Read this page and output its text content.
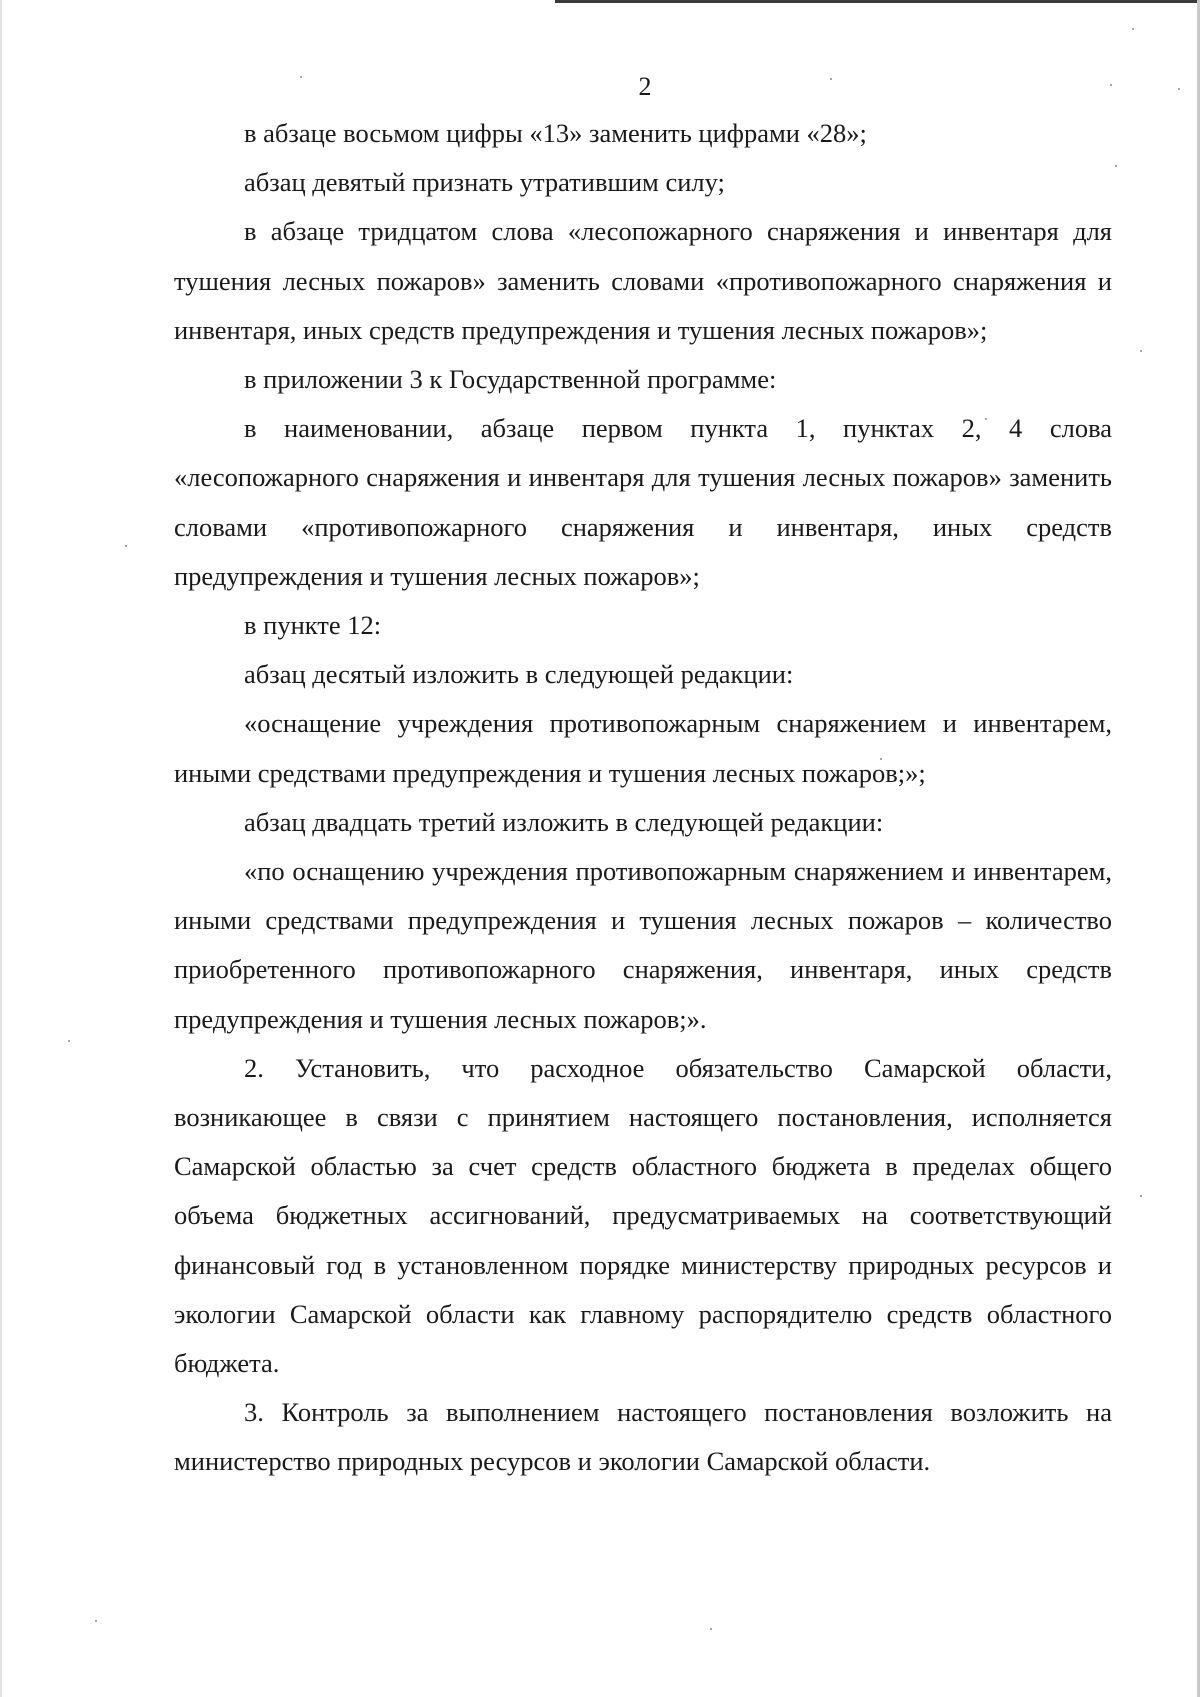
2

в абзаце восьмом цифры «13» заменить цифрами «28»;

абзац девятый признать утратившим силу;

в абзаце тридцатом слова «лесопожарного снаряжения и инвентаря для тушения лесных пожаров» заменить словами «противопожарного снаряжения и инвентаря, иных средств предупреждения и тушения лесных пожаров»;

в приложении 3 к Государственной программе:

в наименовании, абзаце первом пункта 1, пунктах 2, 4 слова «лесопожарного снаряжения и инвентаря для тушения лесных пожаров» заменить словами «противопожарного снаряжения и инвентаря, иных средств предупреждения и тушения лесных пожаров»;

в пункте 12:

абзац десятый изложить в следующей редакции:

«оснащение учреждения противопожарным снаряжением и инвентарем, иными средствами предупреждения и тушения лесных пожаров;»;

абзац двадцать третий изложить в следующей редакции:

«по оснащению учреждения противопожарным снаряжением и инвентарем, иными средствами предупреждения и тушения лесных пожаров – количество приобретенного противопожарного снаряжения, инвентаря, иных средств предупреждения и тушения лесных пожаров;».

2. Установить, что расходное обязательство Самарской области, возникающее в связи с принятием настоящего постановления, исполняется Самарской областью за счет средств областного бюджета в пределах общего объема бюджетных ассигнований, предусматриваемых на соответствующий финансовый год в установленном порядке министерству природных ресурсов и экологии Самарской области как главному распорядителю средств областного бюджета.

3. Контроль за выполнением настоящего постановления возложить на министерство природных ресурсов и экологии Самарской области.
